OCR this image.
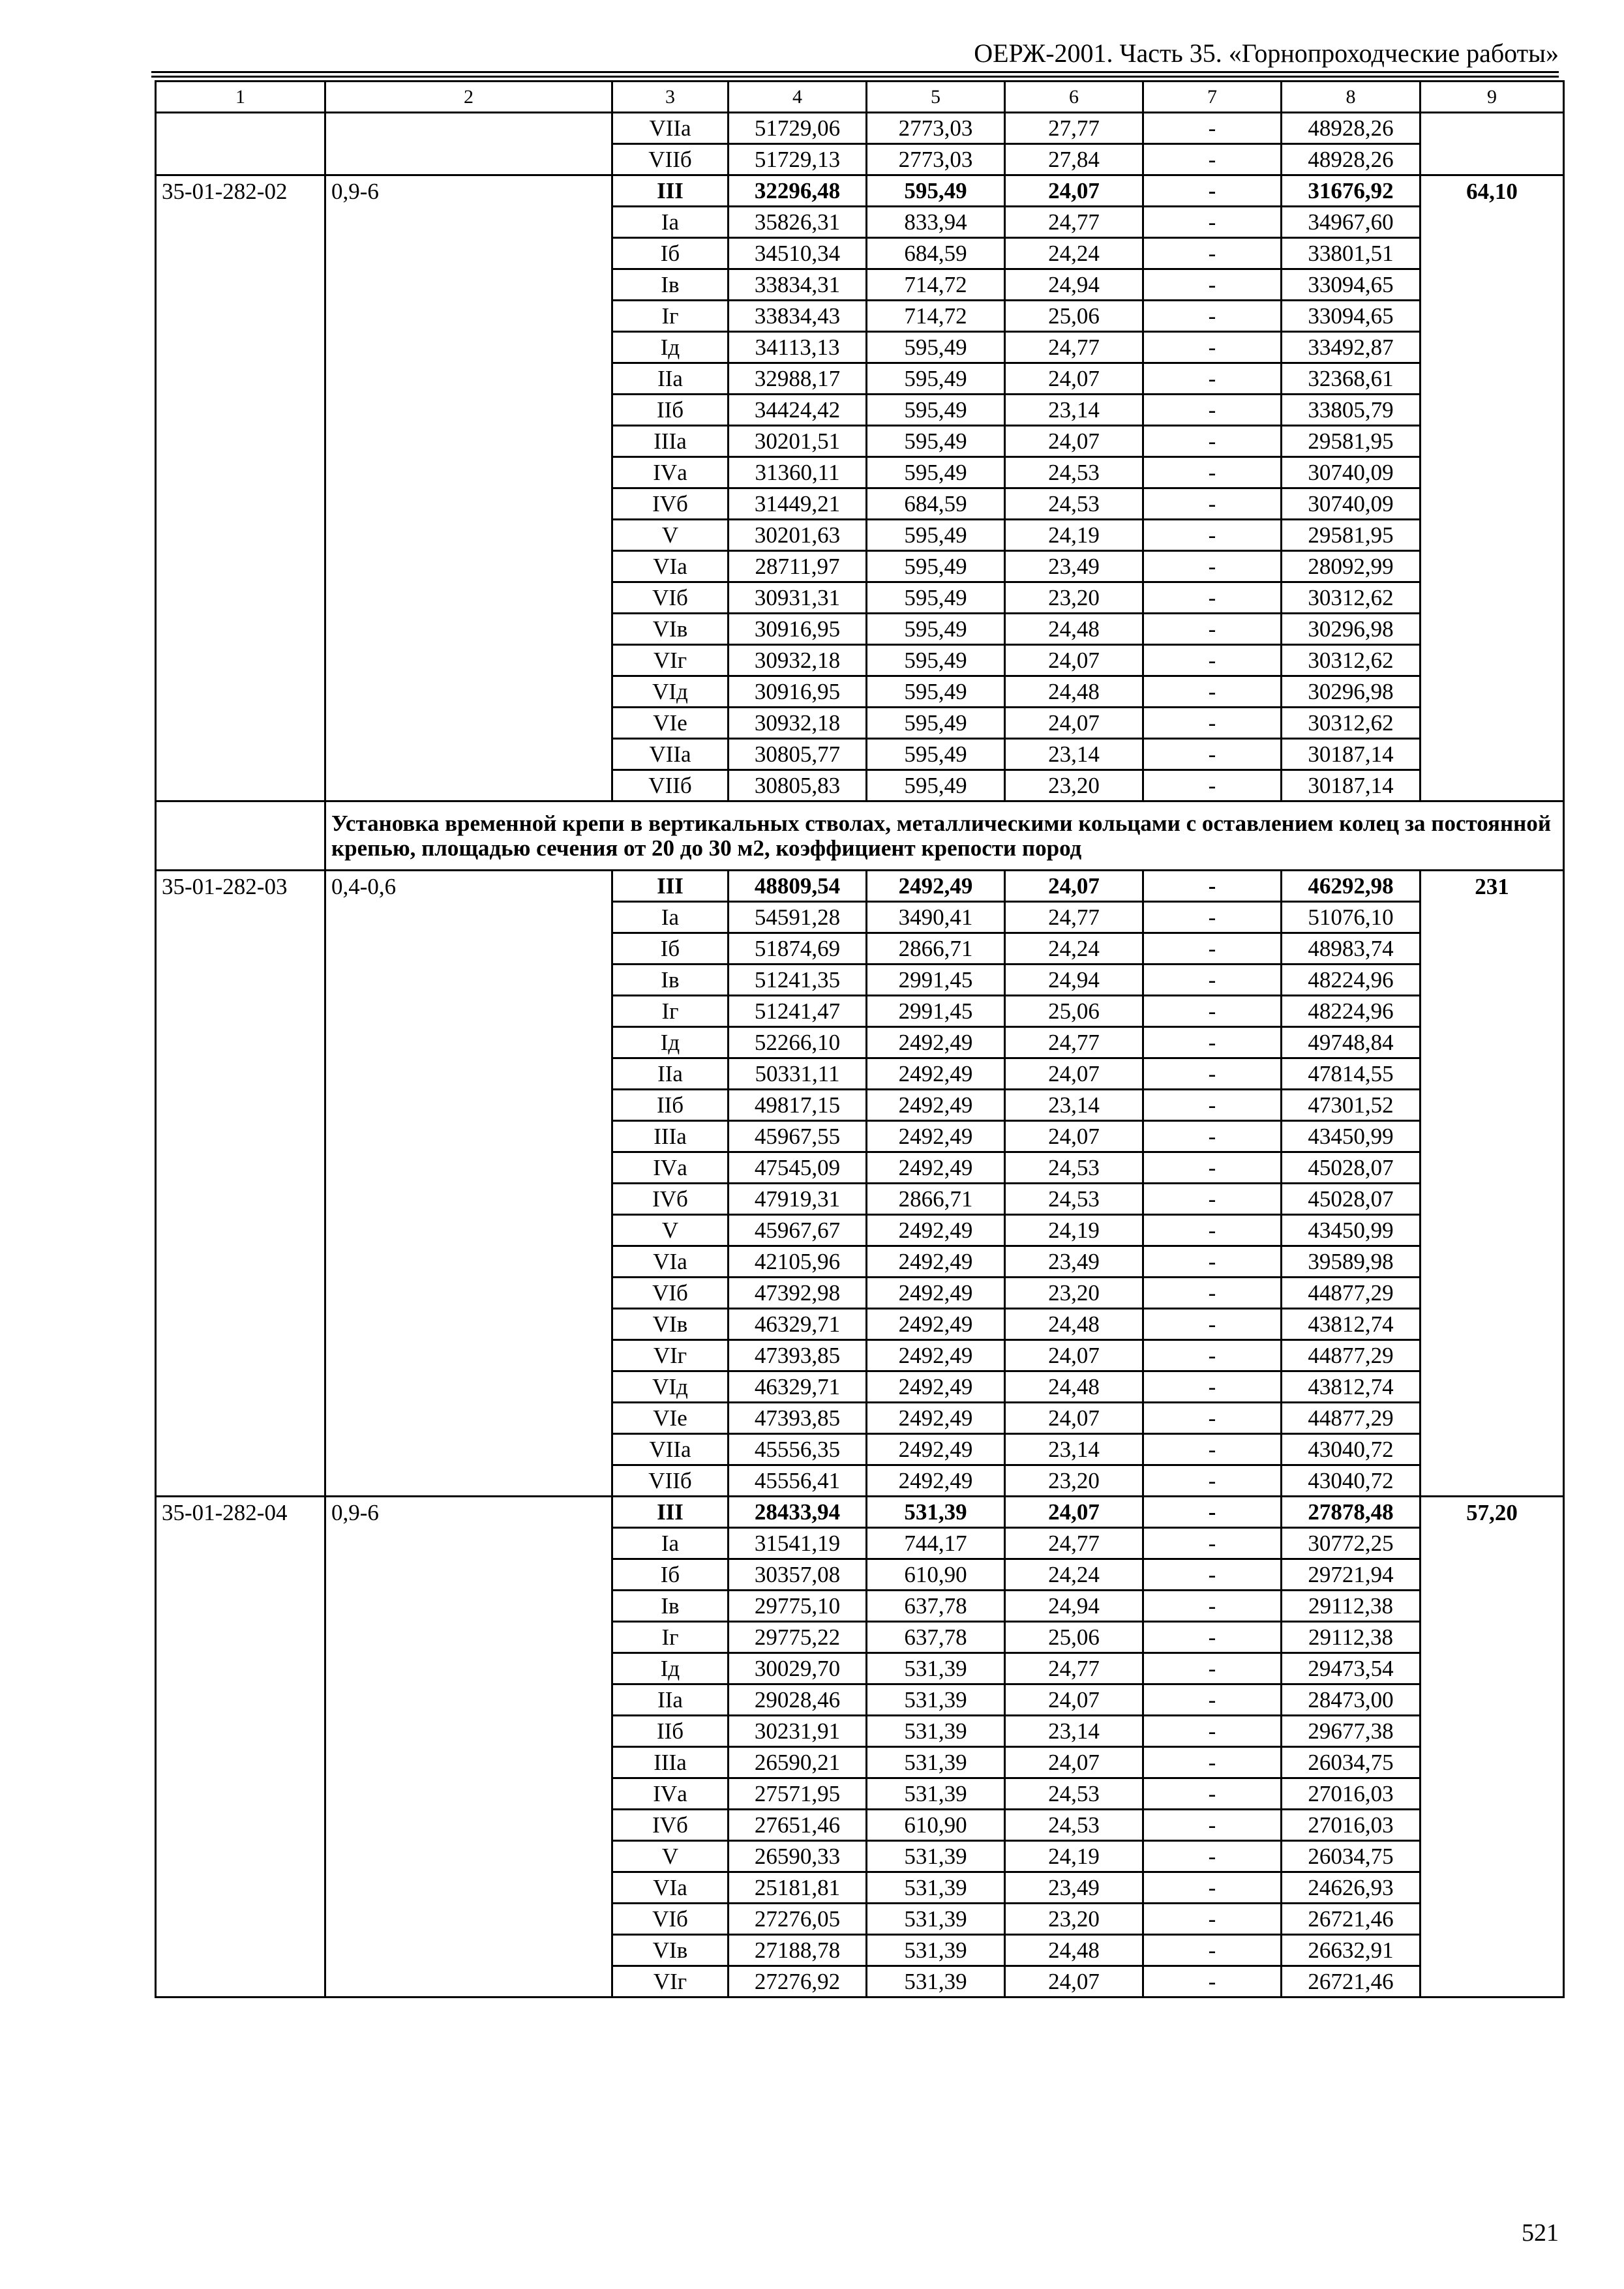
ОЕРЖ-2001. Часть 35. «Горнопроходческие работы»
1	2	3	4	5	6	7	8	9
		VIIа	51729,06	2773,03	27,77	-	48928,26	
		VIIб	51729,13	2773,03	27,84	-	48928,26	
35-01-282-02	0,9-6	III	32296,48	595,49	24,07	-	31676,92	64,10
		Iа	35826,31	833,94	24,77	-	34967,60	
		Iб	34510,34	684,59	24,24	-	33801,51	
		Iв	33834,31	714,72	24,94	-	33094,65	
		Iг	33834,43	714,72	25,06	-	33094,65	
		Iд	34113,13	595,49	24,77	-	33492,87	
		IIа	32988,17	595,49	24,07	-	32368,61	
		IIб	34424,42	595,49	23,14	-	33805,79	
		IIIа	30201,51	595,49	24,07	-	29581,95	
		IVа	31360,11	595,49	24,53	-	30740,09	
		IVб	31449,21	684,59	24,53	-	30740,09	
		V	30201,63	595,49	24,19	-	29581,95	
		VIа	28711,97	595,49	23,49	-	28092,99	
		VIб	30931,31	595,49	23,20	-	30312,62	
		VIв	30916,95	595,49	24,48	-	30296,98	
		VIг	30932,18	595,49	24,07	-	30312,62	
		VIд	30916,95	595,49	24,48	-	30296,98	
		VIе	30932,18	595,49	24,07	-	30312,62	
		VIIа	30805,77	595,49	23,14	-	30187,14	
		VIIб	30805,83	595,49	23,20	-	30187,14	
	Установка временной крепи в вертикальных стволах, металлическими кольцами с оставлением колец за постоянной крепью, площадью сечения от 20 до 30 м2, коэффициент крепости пород							
35-01-282-03	0,4-0,6	III	48809,54	2492,49	24,07	-	46292,98	231
		Iа	54591,28	3490,41	24,77	-	51076,10	
		Iб	51874,69	2866,71	24,24	-	48983,74	
		Iв	51241,35	2991,45	24,94	-	48224,96	
		Iг	51241,47	2991,45	25,06	-	48224,96	
		Iд	52266,10	2492,49	24,77	-	49748,84	
		IIа	50331,11	2492,49	24,07	-	47814,55	
		IIб	49817,15	2492,49	23,14	-	47301,52	
		IIIа	45967,55	2492,49	24,07	-	43450,99	
		IVа	47545,09	2492,49	24,53	-	45028,07	
		IVб	47919,31	2866,71	24,53	-	45028,07	
		V	45967,67	2492,49	24,19	-	43450,99	
		VIа	42105,96	2492,49	23,49	-	39589,98	
		VIб	47392,98	2492,49	23,20	-	44877,29	
		VIв	46329,71	2492,49	24,48	-	43812,74	
		VIг	47393,85	2492,49	24,07	-	44877,29	
		VIд	46329,71	2492,49	24,48	-	43812,74	
		VIе	47393,85	2492,49	24,07	-	44877,29	
		VIIа	45556,35	2492,49	23,14	-	43040,72	
		VIIб	45556,41	2492,49	23,20	-	43040,72	
35-01-282-04	0,9-6	III	28433,94	531,39	24,07	-	27878,48	57,20
		Iа	31541,19	744,17	24,77	-	30772,25	
		Iб	30357,08	610,90	24,24	-	29721,94	
		Iв	29775,10	637,78	24,94	-	29112,38	
		Iг	29775,22	637,78	25,06	-	29112,38	
		Iд	30029,70	531,39	24,77	-	29473,54	
		IIа	29028,46	531,39	24,07	-	28473,00	
		IIб	30231,91	531,39	23,14	-	29677,38	
		IIIа	26590,21	531,39	24,07	-	26034,75	
		IVа	27571,95	531,39	24,53	-	27016,03	
		IVб	27651,46	610,90	24,53	-	27016,03	
		V	26590,33	531,39	24,19	-	26034,75	
		VIа	25181,81	531,39	23,49	-	24626,93	
		VIб	27276,05	531,39	23,20	-	26721,46	
		VIв	27188,78	531,39	24,48	-	26632,91	
		VIг	27276,92	531,39	24,07	-	26721,46	
521
